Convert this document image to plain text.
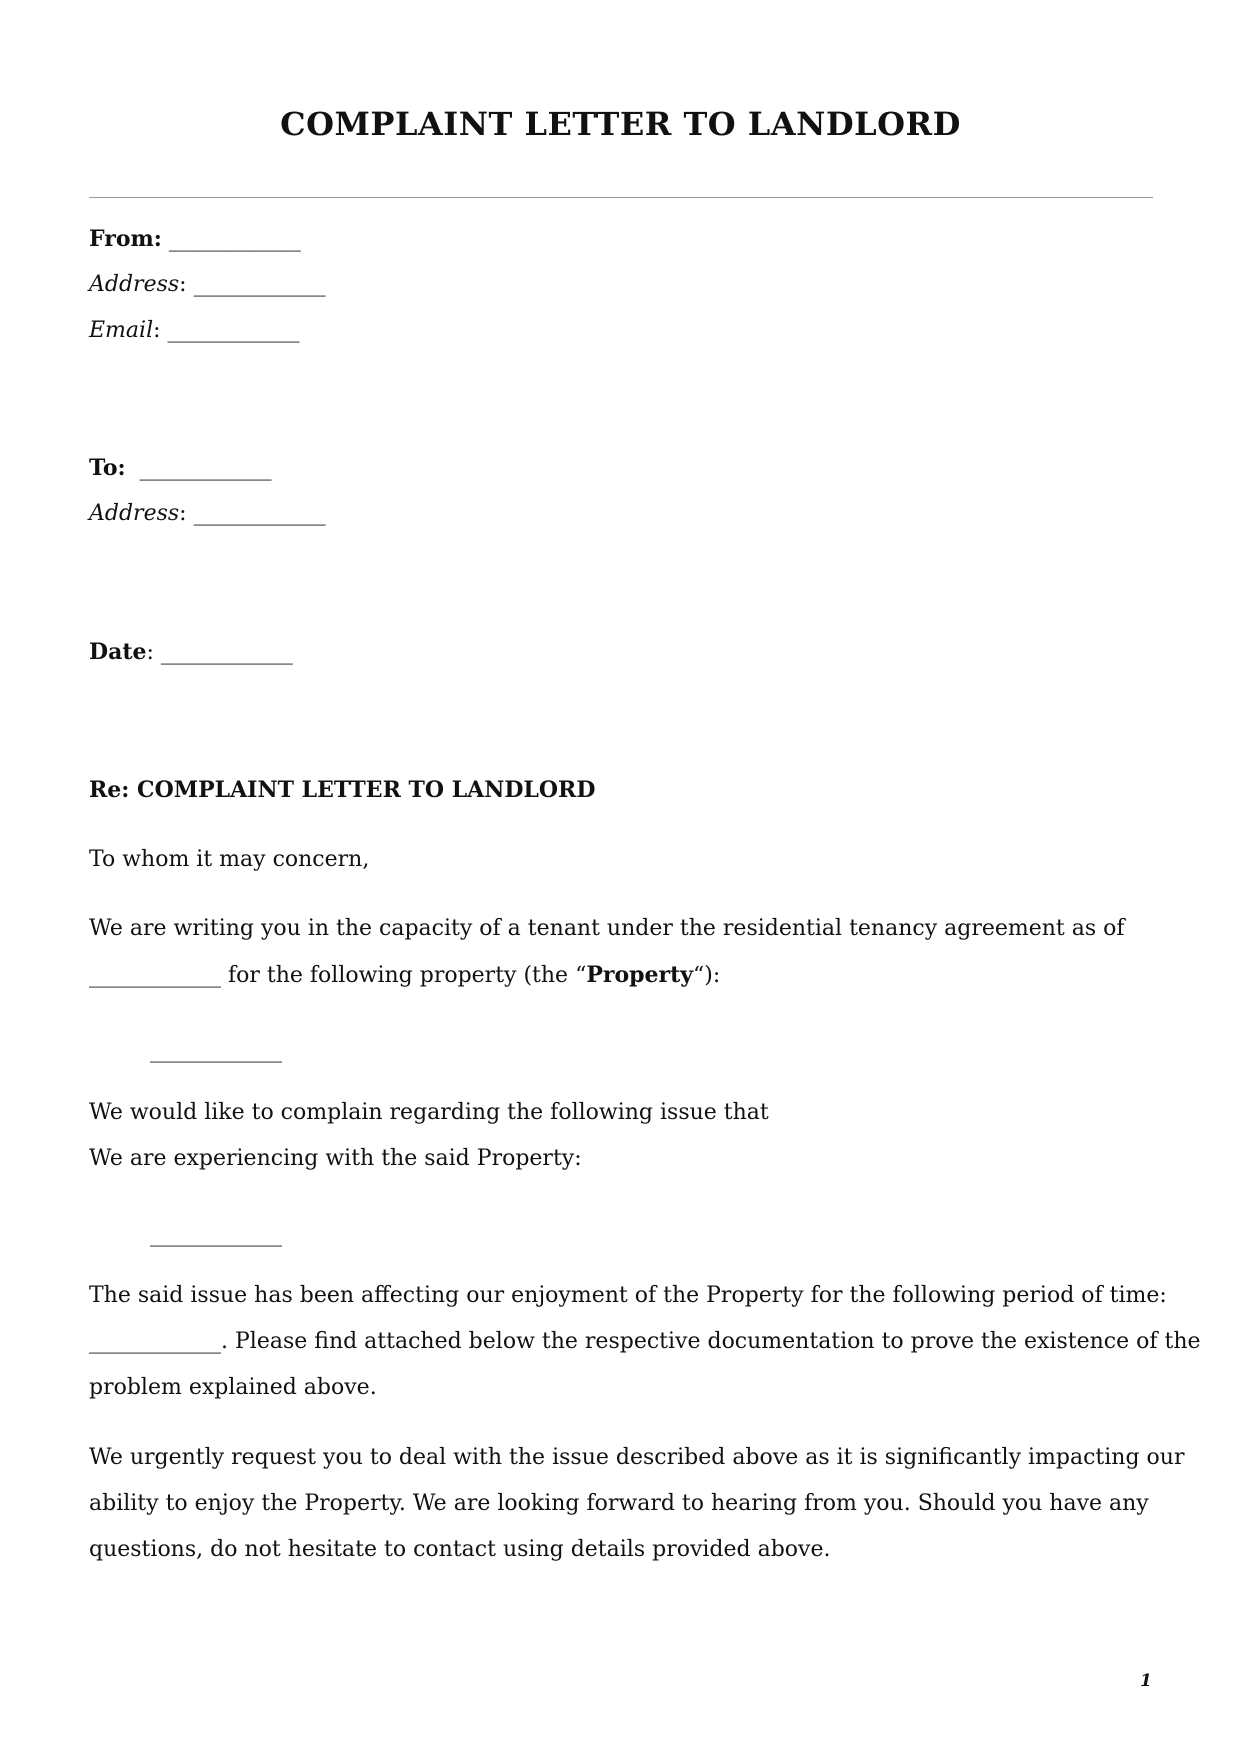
COMPLAINT LETTER TO LANDLORD
From: ____________
Address: ____________
Email: ____________
To: ____________
Address: ____________
Date: ____________
Re: COMPLAINT LETTER TO LANDLORD
To whom it may concern,
We are writing you in the capacity of a tenant under the residential tenancy agreement as of
____________ for the following property (the “Property“):
____________
We would like to complain regarding the following issue that
We are experiencing with the said Property:
____________
The said issue has been affecting our enjoyment of the Property for the following period of time:
____________. Please find attached below the respective documentation to prove the existence of the
problem explained above.
We urgently request you to deal with the issue described above as it is significantly impacting our
ability to enjoy the Property. We are looking forward to hearing from you. Should you have any
questions, do not hesitate to contact using details provided above.
1
